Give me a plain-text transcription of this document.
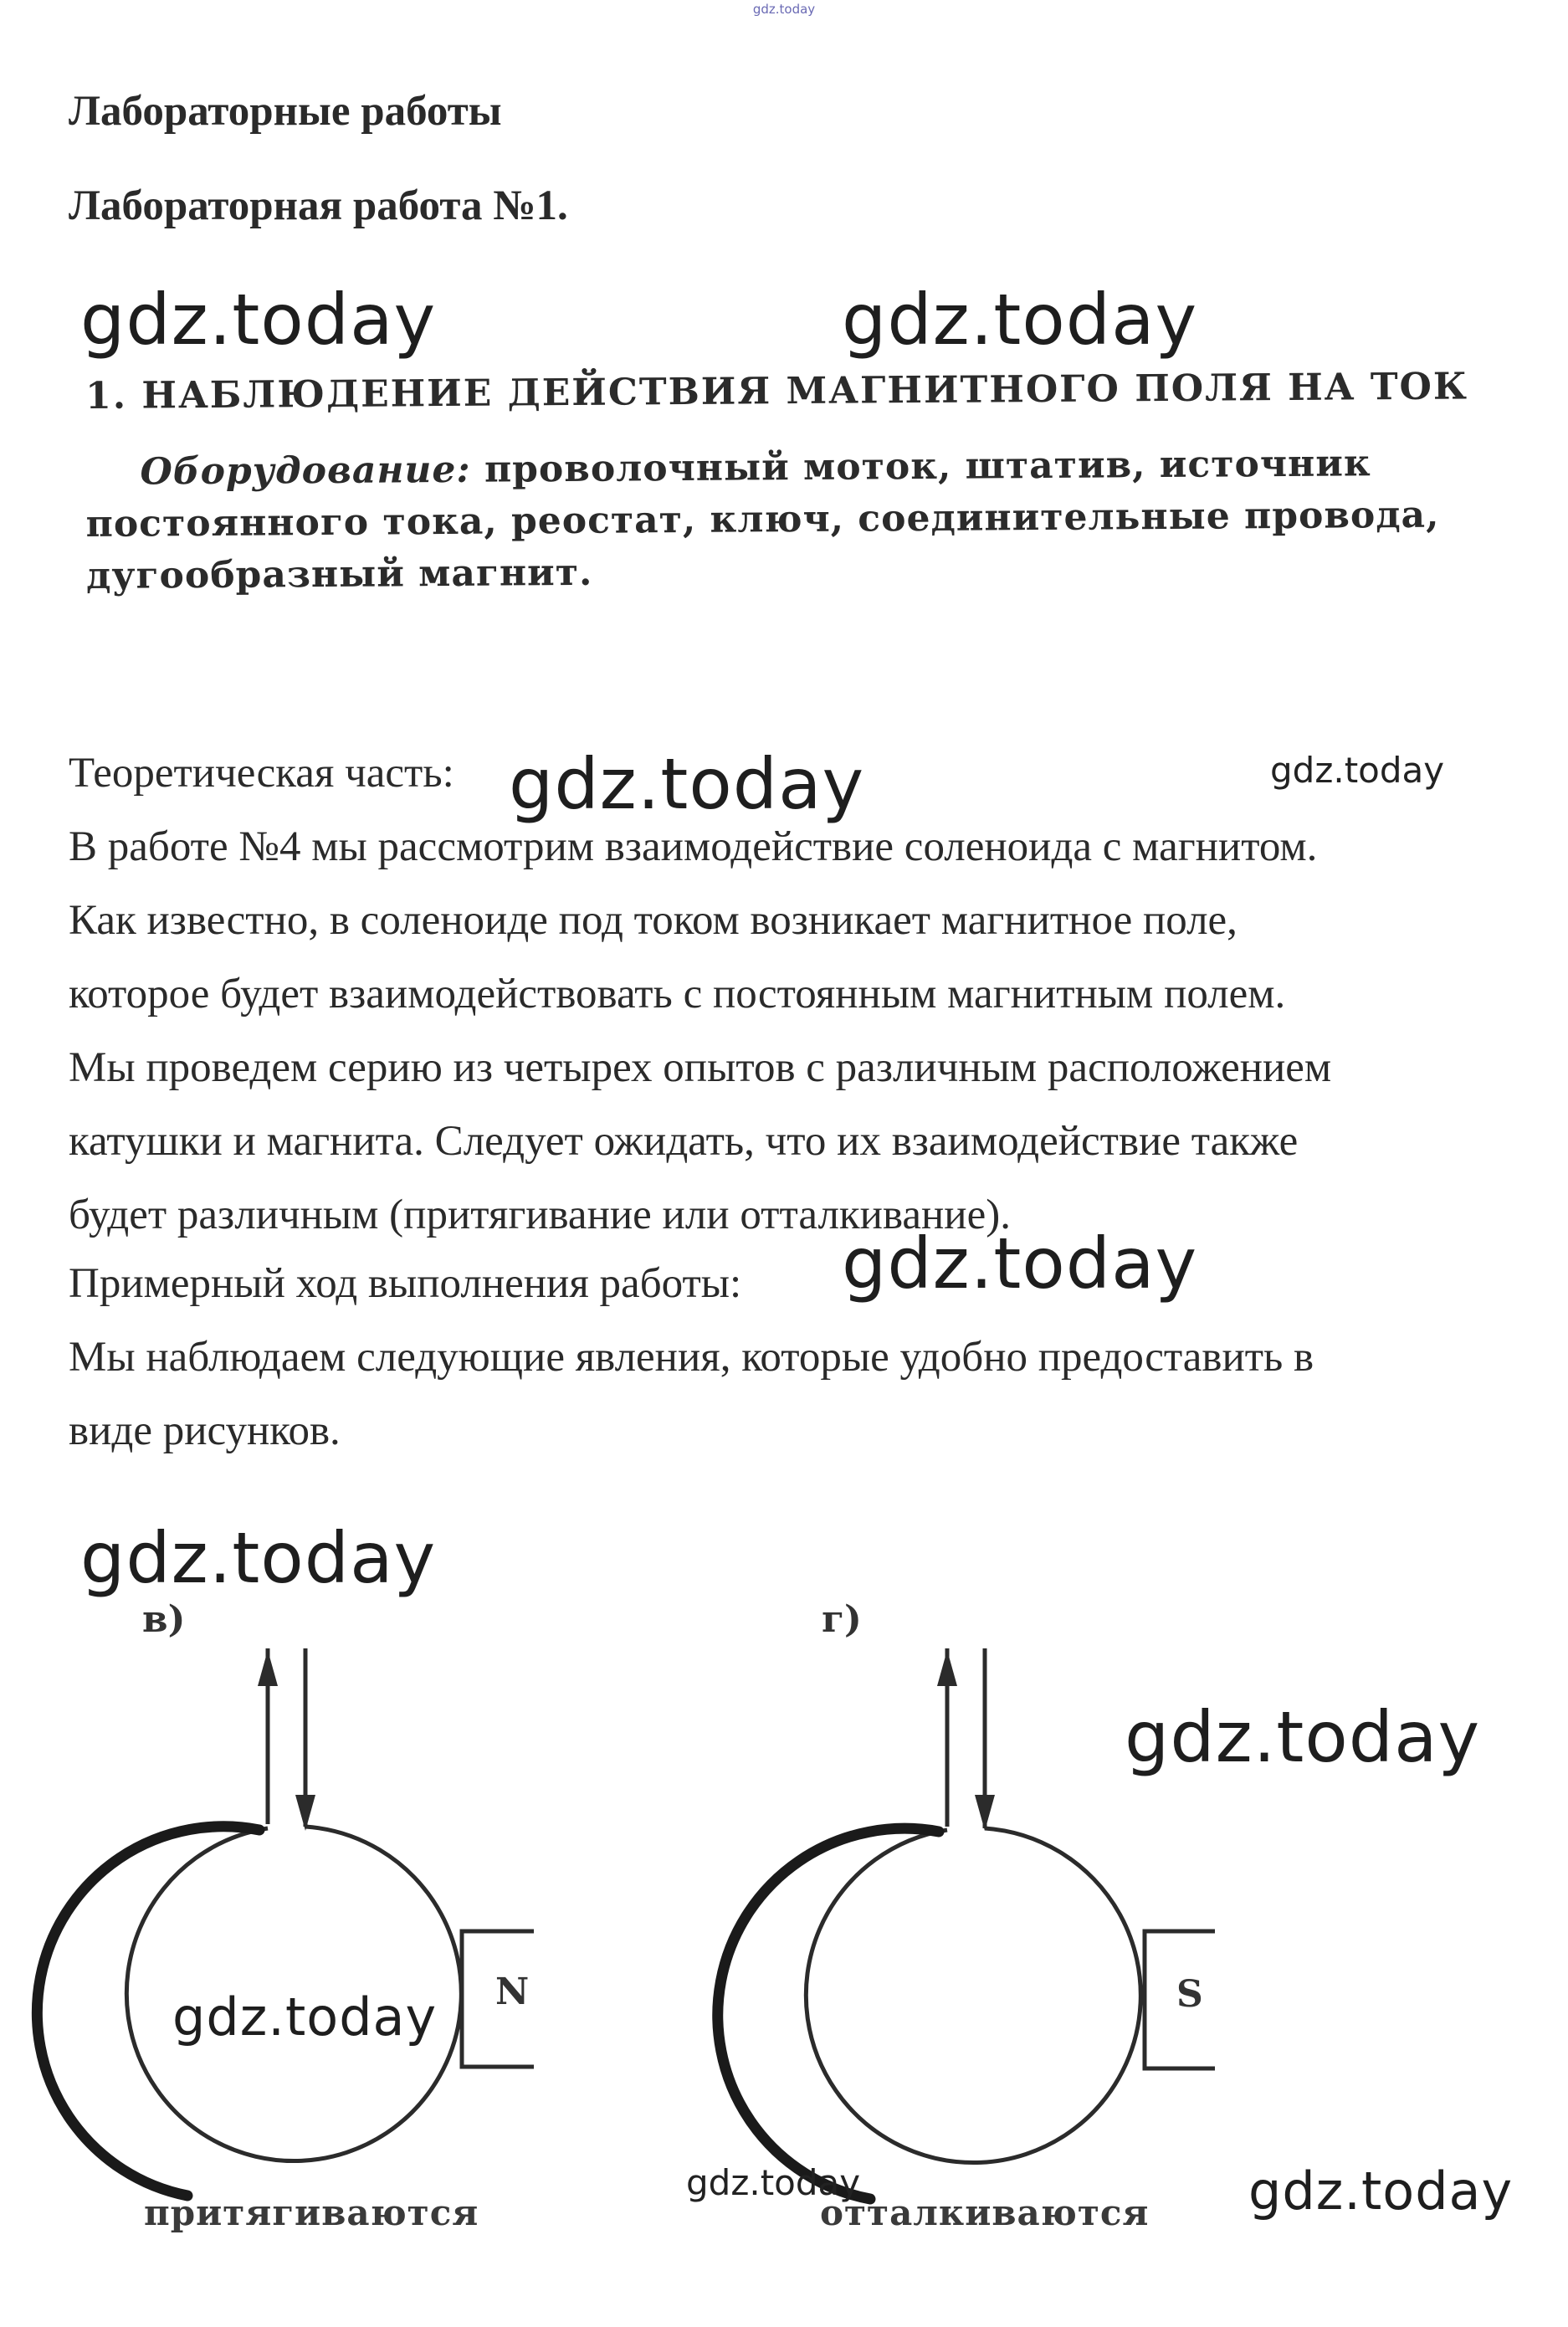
gdz.today
Лабораторные работы
Лабораторная работа №1.
gdz.today	gdz.today
1. НАБЛЮДЕНИЕ ДЕЙСТВИЯ МАГНИТНОГО ПОЛЯ НА ТОК
Оборудование: проволочный моток, штатив, источник постоянного тока, реостат, ключ, соединительные провода, дугообразный магнит.
Теоретическая часть:
В работе №4 мы рассмотрим взаимодействие соленоида с магнитом.
Как известно, в соленоиде под током возникает магнитное поле,
которое будет взаимодействовать с постоянным магнитным полем.
Мы проведем серию из четырех опытов с различным расположением
катушки и магнита. Следует ожидать, что их взаимодействие также
будет различным (притягивание или отталкивание).
Примерный ход выполнения работы:
Мы наблюдаем следующие явления, которые удобно предоставить в
виде рисунков.
gdz.today	gdz.today
gdz.today
в)	г)
N	S
притягиваются	отталкиваются
gdz.today
gdz.today
gdz.today
gdz.today	gdz.today
